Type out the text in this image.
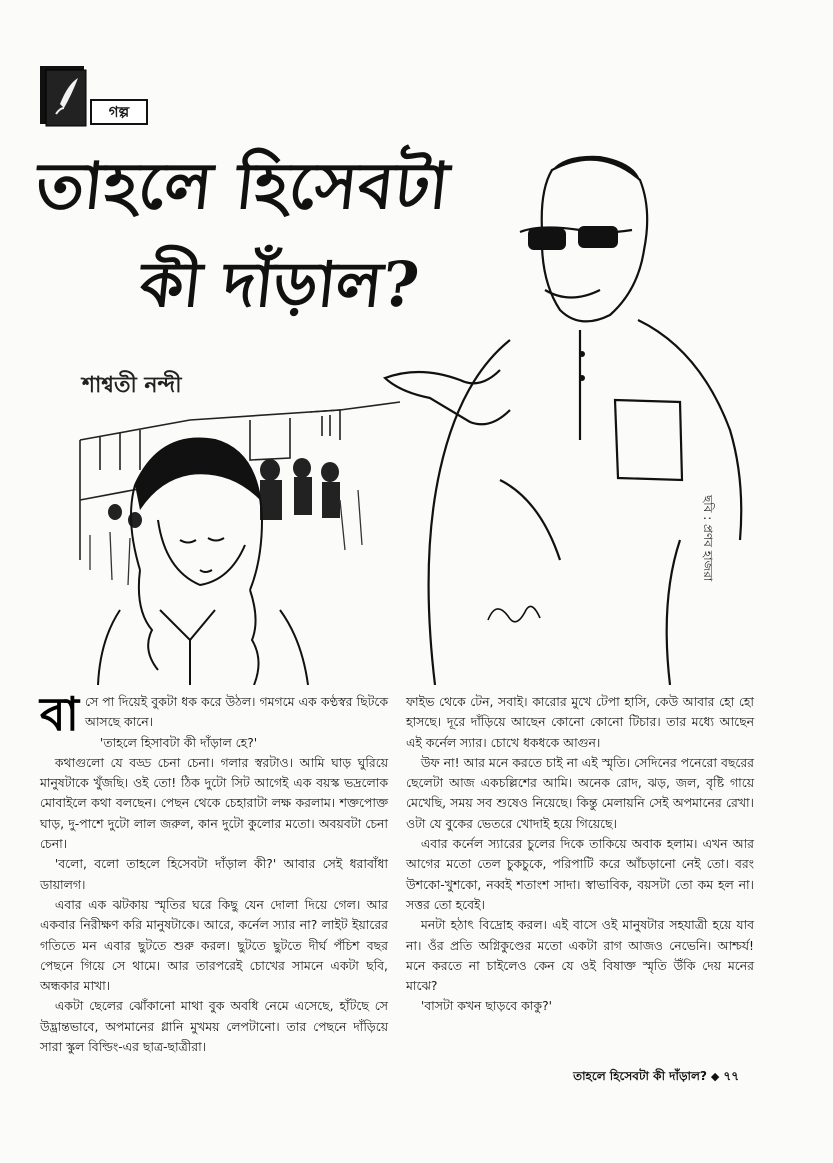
গল্প
তাহলে হিসেবটা
কী দাঁড়াল?
শাশ্বতী নন্দী
ছবি : প্রণব হাজরা

বাসে পা দিয়েই বুকটা ধক করে উঠল। গমগমে এক কণ্ঠস্বর ছিটকে আসছে কানে।

'তাহলে হিসাবটা কী দাঁড়াল হে?'

কথাগুলো যে বড্ড চেনা চেনা। গলার স্বরটাও। আমি ঘাড় ঘুরিয়ে মানুষটাকে খুঁজছি। ওই তো! ঠিক দুটো সিট আগেই এক বয়স্ক ভদ্রলোক মোবাইলে কথা বলছেন। পেছন থেকে চেহারাটা লক্ষ করলাম। শক্তপোক্ত ঘাড়, দু-পাশে দুটো লাল জরুল, কান দুটো কুলোর মতো। অবয়বটা চেনা চেনা।

'বলো, বলো তাহলে হিসেবটা দাঁড়াল কী?' আবার সেই ধরাবাঁধা ডায়ালগ।

এবার এক ঝটকায় স্মৃতির ঘরে কিছু যেন দোলা দিয়ে গেল। আর একবার নিরীক্ষণ করি মানুষটাকে। আরে, কর্নেল স্যার না? লাইট ইয়ারের গতিতে মন এবার ছুটতে শুরু করল। ছুটতে ছুটতে দীর্ঘ পঁচিশ বছর পেছনে গিয়ে সে থামে। আর তারপরেই চোখের সামনে একটা ছবি, অন্ধকার মাখা।

একটা ছেলের ঝোঁকানো মাথা বুক অবধি নেমে এসেছে, হাঁটছে সে উদ্ভ্রান্তভাবে, অপমানের গ্লানি মুখময় লেপটানো। তার পেছনে দাঁড়িয়ে সারা স্কুল বিল্ডিং-এর ছাত্র-ছাত্রীরা।

ফাইভ থেকে টেন, সবাই। কারোর মুখে টেপা হাসি, কেউ আবার হো হো হাসছে। দূরে দাঁড়িয়ে আছেন কোনো কোনো টিচার। তার মধ্যে আছেন এই কর্নেল স্যার। চোখে ধকধকে আগুন।

উফ না! আর মনে করতে চাই না এই স্মৃতি। সেদিনের পনেরো বছরের ছেলেটা আজ একচল্লিশের আমি। অনেক রোদ, ঝড়, জল, বৃষ্টি গায়ে মেখেছি, সময় সব শুষেও নিয়েছে। কিন্তু মেলায়নি সেই অপমানের রেখা। ওটা যে বুকের ভেতরে খোদাই হয়ে গিয়েছে।

এবার কর্নেল স্যারের চুলের দিকে তাকিয়ে অবাক হলাম। এখন আর আগের মতো তেল চুকচুকে, পরিপাটি করে আঁচড়ানো নেই তো। বরং উশকো-খুশকো, নব্বই শতাংশ সাদা। স্বাভাবিক, বয়সটা তো কম হল না। সত্তর তো হবেই।

মনটা হঠাৎ বিদ্রোহ করল। এই বাসে ওই মানুষটার সহযাত্রী হয়ে যাব না। ওঁর প্রতি অগ্নিকুণ্ডের মতো একটা রাগ আজও নেভেনি। আশ্চর্য! মনে করতে না চাইলেও কেন যে ওই বিষাক্ত স্মৃতি উঁকি দেয় মনের মাঝে?

'বাসটা কখন ছাড়বে কাকু?'

তাহলে হিসেবটা কী দাঁড়াল? ◆ ৭৭
